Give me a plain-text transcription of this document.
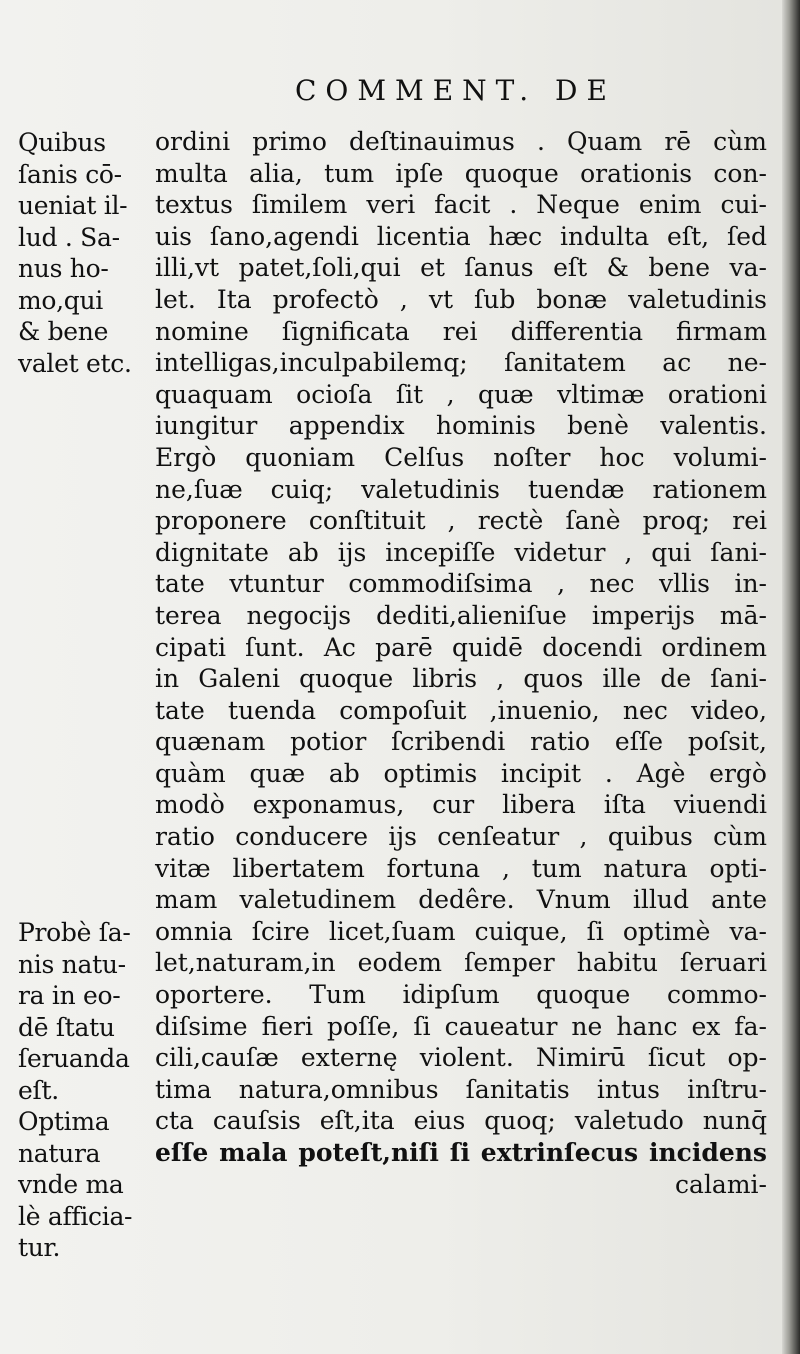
COMMENT. DE
Quibus
ſanis cō-
ueniat il-
lud . Sa-
nus ho-
mo,qui
& bene
valet etc.
Probè ſa-
nis natu-
ra in eo-
dē ſtatu
ſeruanda
eſt.
Optima
natura
vnde ma
lè afficia-
tur.
ordini primo deſtinauimus . Quam rē cùm
multa alia, tum ipſe quoque orationis con-
textus ſimilem veri facit . Neque enim cui-
uis ſano,agendi licentia hæc indulta eſt, ſed
illi,vt patet,ſoli,qui et ſanus eſt & bene va-
let. Ita profectò , vt ſub bonæ valetudinis
nomine ſignificata rei differentia firmam
intelligas,inculpabilemq; ſanitatem ac ne-
quaquam ocioſa ſit , quæ vltimæ orationi
iungitur appendix hominis benè valentis.
Ergò quoniam Celſus noſter hoc volumi-
ne,ſuæ cuiq; valetudinis tuendæ rationem
proponere conſtituit , rectè ſanè proq; rei
dignitate ab ijs incepiſſe videtur , qui ſani-
tate vtuntur commodiſsima , nec vllis in-
terea negocijs dediti,alieniſue imperijs mā-
cipati ſunt. Ac parē quidē docendi ordinem
in Galeni quoque libris , quos ille de ſani-
tate tuenda compoſuit ,inuenio, nec video,
quænam potior ſcribendi ratio eſſe poſsit,
quàm quæ ab optimis incipit . Agè ergò
modò exponamus, cur libera iſta viuendi
ratio conducere ijs cenſeatur , quibus cùm
vitæ libertatem fortuna , tum natura opti-
mam valetudinem dedêre. Vnum illud ante
omnia ſcire licet,ſuam cuique, ſi optimè va-
let,naturam,in eodem ſemper habitu ſeruari
oportere. Tum idipſum quoque commo-
diſsime fieri poſſe, ſi caueatur ne hanc ex fa-
cili,cauſæ externę violent. Nimirū ſicut op-
tima natura,omnibus ſanitatis intus inſtru-
cta cauſsis eſt,ita eius quoq; valetudo nunq̄
eſſe mala poteſt,niſi ſi extrinſecus incidens
calami-
